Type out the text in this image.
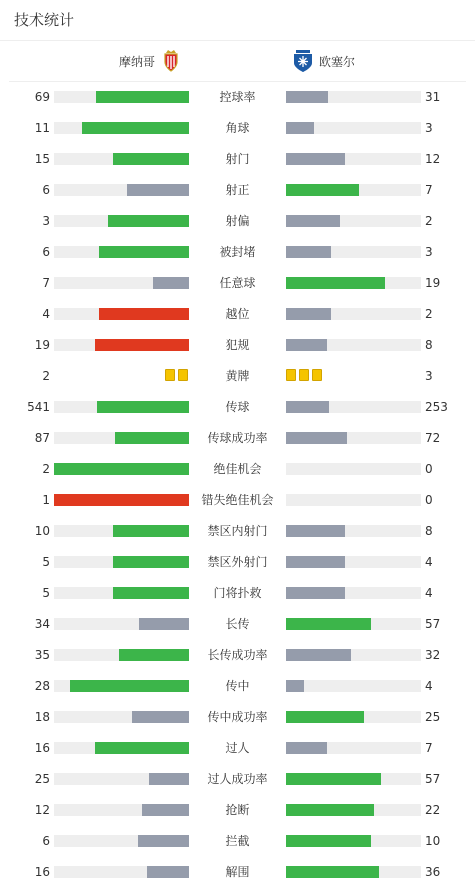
技术统计
摩纳哥	欧塞尔
69	控球率	31
11	角球	3
15	射门	12
6	射正	7
3	射偏	2
6	被封堵	3
7	任意球	19
4	越位	2
19	犯规	8
2	黄牌	3
541	传球	253
87	传球成功率	72
2	绝佳机会	0
1	错失绝佳机会	0
10	禁区内射门	8
5	禁区外射门	4
5	门将扑救	4
34	长传	57
35	长传成功率	32
28	传中	4
18	传中成功率	25
16	过人	7
25	过人成功率	57
12	抢断	22
6	拦截	10
16	解围	36
